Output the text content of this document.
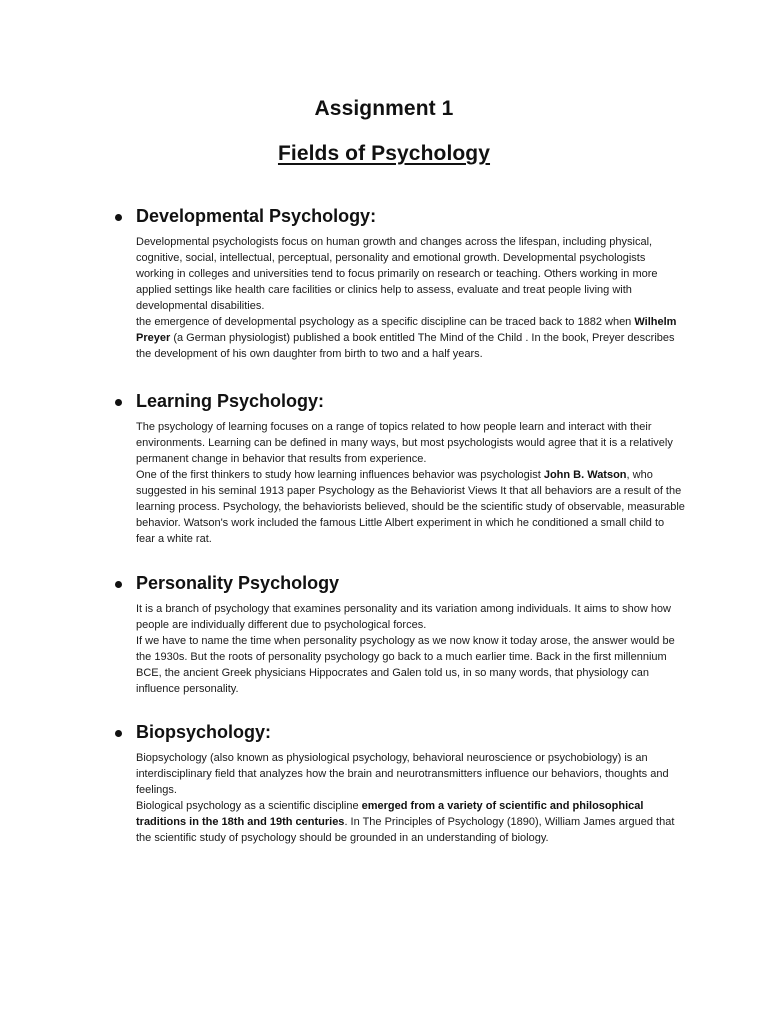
Assignment 1
Fields of Psychology
Developmental Psychology:

Developmental psychologists focus on human growth and changes across the lifespan, including physical, cognitive, social, intellectual, perceptual, personality and emotional growth. Developmental psychologists working in colleges and universities tend to focus primarily on research or teaching. Others working in more applied settings like health care facilities or clinics help to assess, evaluate and treat people living with developmental disabilities.

the emergence of developmental psychology as a specific discipline can be traced back to 1882 when Wilhelm Preyer (a German physiologist) published a book entitled The Mind of the Child . In the book, Preyer describes the development of his own daughter from birth to two and a half years.

Learning Psychology:

The psychology of learning focuses on a range of topics related to how people learn and interact with their environments. Learning can be defined in many ways, but most psychologists would agree that it is a relatively permanent change in behavior that results from experience.

One of the first thinkers to study how learning influences behavior was psychologist John B. Watson, who suggested in his seminal 1913 paper Psychology as the Behaviorist Views It that all behaviors are a result of the learning process. Psychology, the behaviorists believed, should be the scientific study of observable, measurable behavior. Watson's work included the famous Little Albert experiment in which he conditioned a small child to fear a white rat.

Personality Psychology

It is a branch of psychology that examines personality and its variation among individuals. It aims to show how people are individually different due to psychological forces.

If we have to name the time when personality psychology as we now know it today arose, the answer would be the 1930s. But the roots of personality psychology go back to a much earlier time. Back in the first millennium BCE, the ancient Greek physicians Hippocrates and Galen told us, in so many words, that physiology can influence personality.

Biopsychology:

Biopsychology (also known as physiological psychology, behavioral neuroscience or psychobiology) is an interdisciplinary field that analyzes how the brain and neurotransmitters influence our behaviors, thoughts and feelings.

Biological psychology as a scientific discipline emerged from a variety of scientific and philosophical traditions in the 18th and 19th centuries. In The Principles of Psychology (1890), William James argued that the scientific study of psychology should be grounded in an understanding of biology.
